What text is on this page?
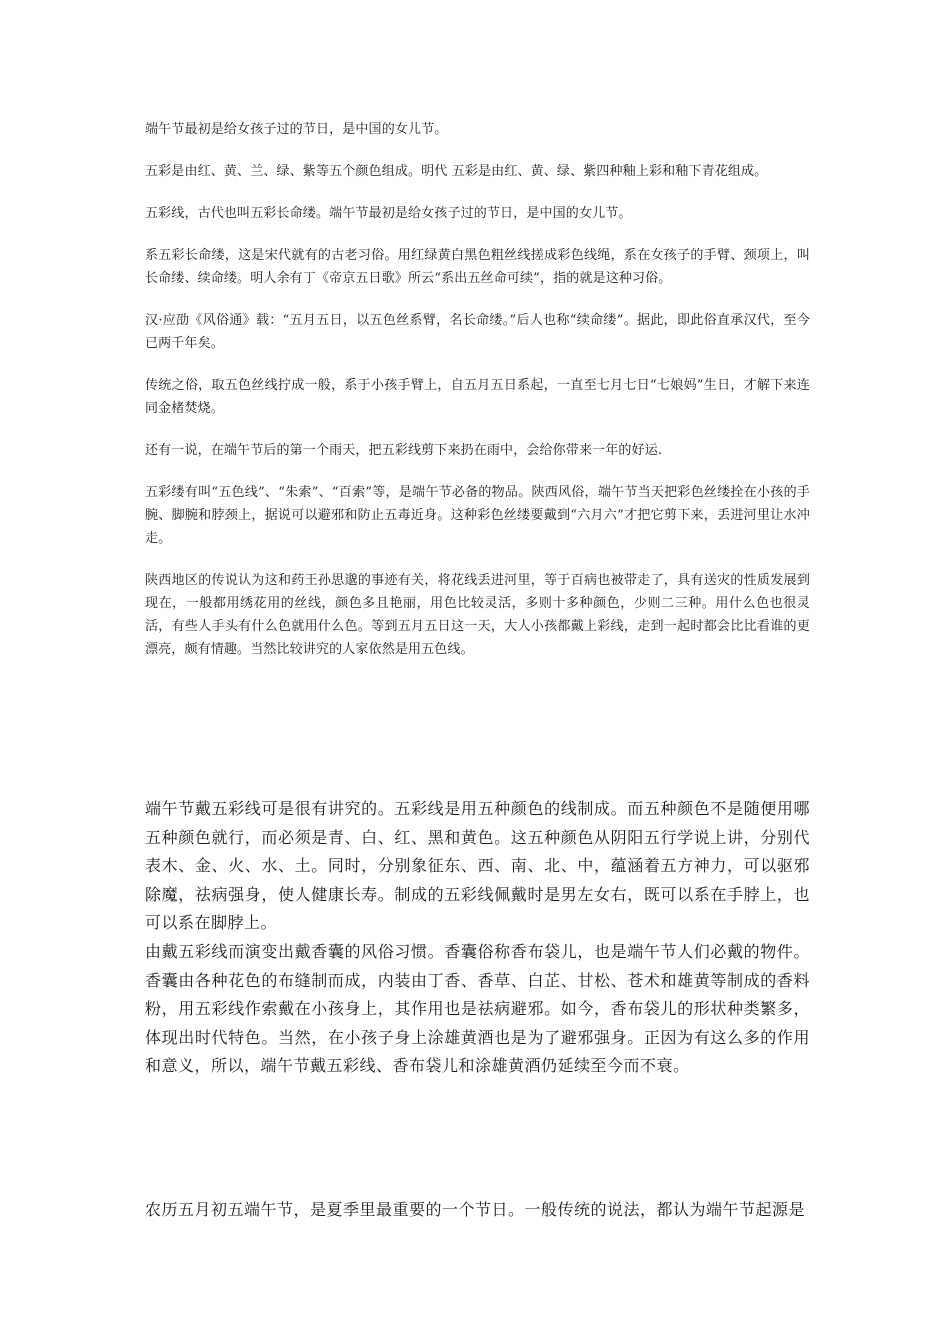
端午节最初是给女孩子过的节日，是中国的女儿节。

五彩是由红、黄、兰、绿、紫等五个颜色组成。明代 五彩是由红、黄、绿、紫四种釉上彩和釉下青花组成。

五彩线，古代也叫五彩长命缕。端午节最初是给女孩子过的节日，是中国的女儿节。

系五彩长命缕，这是宋代就有的古老习俗。用红绿黄白黑色粗丝线搓成彩色线绳，系在女孩子的手臂、颈项上，叫长命缕、续命缕。明人余有丁《帝京五日歌》所云“系出五丝命可续”，指的就是这种习俗。

汉·应劭《风俗通》载：“五月五日，以五色丝系臂，名长命缕。”后人也称“续命缕”。据此，即此俗直承汉代，至今已两千年矣。

传统之俗，取五色丝线拧成一般，系于小孩手臂上，自五月五日系起，一直至七月七日“七娘妈”生日，才解下来连同金楮焚烧。

还有一说，在端午节后的第一个雨天，把五彩线剪下来扔在雨中，会给你带来一年的好运.

五彩缕有叫“五色线”、“朱索”、“百索”等，是端午节必备的物品。陕西风俗，端午节当天把彩色丝缕拴在小孩的手腕、脚腕和脖颈上，据说可以避邪和防止五毒近身。这种彩色丝缕要戴到“六月六”才把它剪下来，丢进河里让水冲走。

陕西地区的传说认为这和药王孙思邈的事迹有关，将花线丢进河里，等于百病也被带走了，具有送灾的性质发展到现在，一般都用绣花用的丝线，颜色多且艳丽，用色比较灵活，多则十多种颜色，少则二三种。用什么色也很灵活，有些人手头有什么色就用什么色。等到五月五日这一天，大人小孩都戴上彩线，走到一起时都会比比看谁的更漂亮，颇有情趣。当然比较讲究的人家依然是用五色线。

端午节戴五彩线可是很有讲究的。五彩线是用五种颜色的线制成。而五种颜色不是随便用哪五种颜色就行，而必须是青、白、红、黑和黄色。这五种颜色从阴阳五行学说上讲，分别代表木、金、火、水、土。同时，分别象征东、西、南、北、中，蕴涵着五方神力，可以驱邪除魔，祛病强身，使人健康长寿。制成的五彩线佩戴时是男左女右，既可以系在手脖上，也可以系在脚脖上。

由戴五彩线而演变出戴香囊的风俗习惯。香囊俗称香布袋儿，也是端午节人们必戴的物件。香囊由各种花色的布缝制而成，内装由丁香、香草、白芷、甘松、苍术和雄黄等制成的香料粉，用五彩线作索戴在小孩身上，其作用也是祛病避邪。如今，香布袋儿的形状种类繁多，体现出时代特色。当然，在小孩子身上涂雄黄酒也是为了避邪强身。正因为有这么多的作用和意义，所以，端午节戴五彩线、香布袋儿和涂雄黄酒仍延续至今而不衰。

农历五月初五端午节，是夏季里最重要的一个节日。一般传统的说法，都认为端午节起源是
